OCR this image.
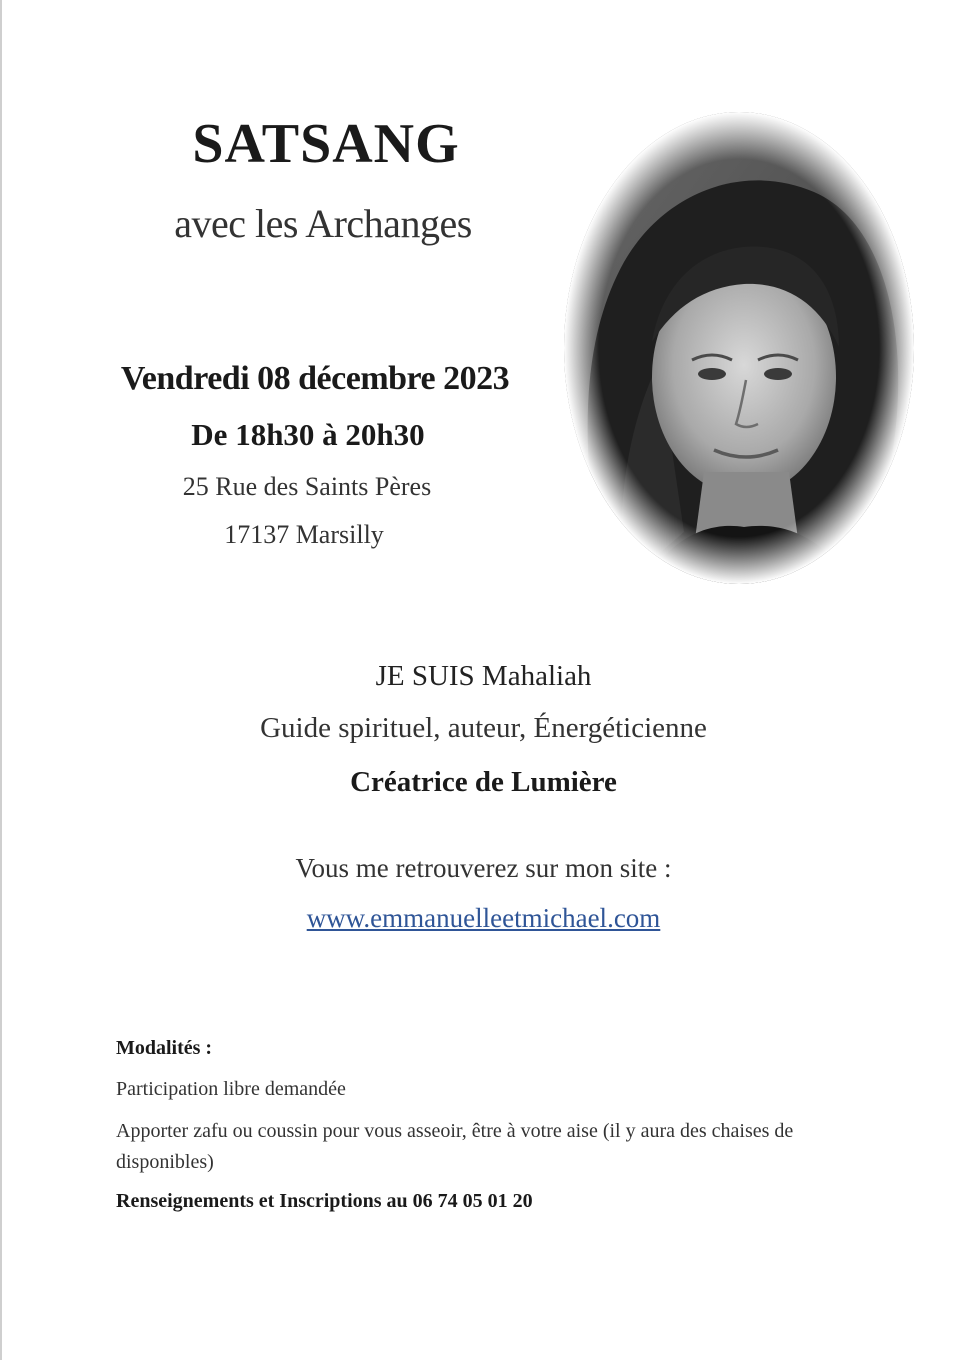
SATSANG
avec les Archanges
Vendredi 08 décembre 2023
De 18h30 à 20h30
25 Rue des Saints Pères
17137 Marsilly
JE SUIS Mahaliah
Guide spirituel, auteur, Énergéticienne
Créatrice de Lumière
Vous me retrouverez sur mon site :
www.emmanuelleetmichael.com
Modalités :
Participation libre demandée
Apporter zafu ou coussin pour vous asseoir, être à votre aise (il y aura des chaises de disponibles)
Renseignements et Inscriptions au 06 74 05 01 20
